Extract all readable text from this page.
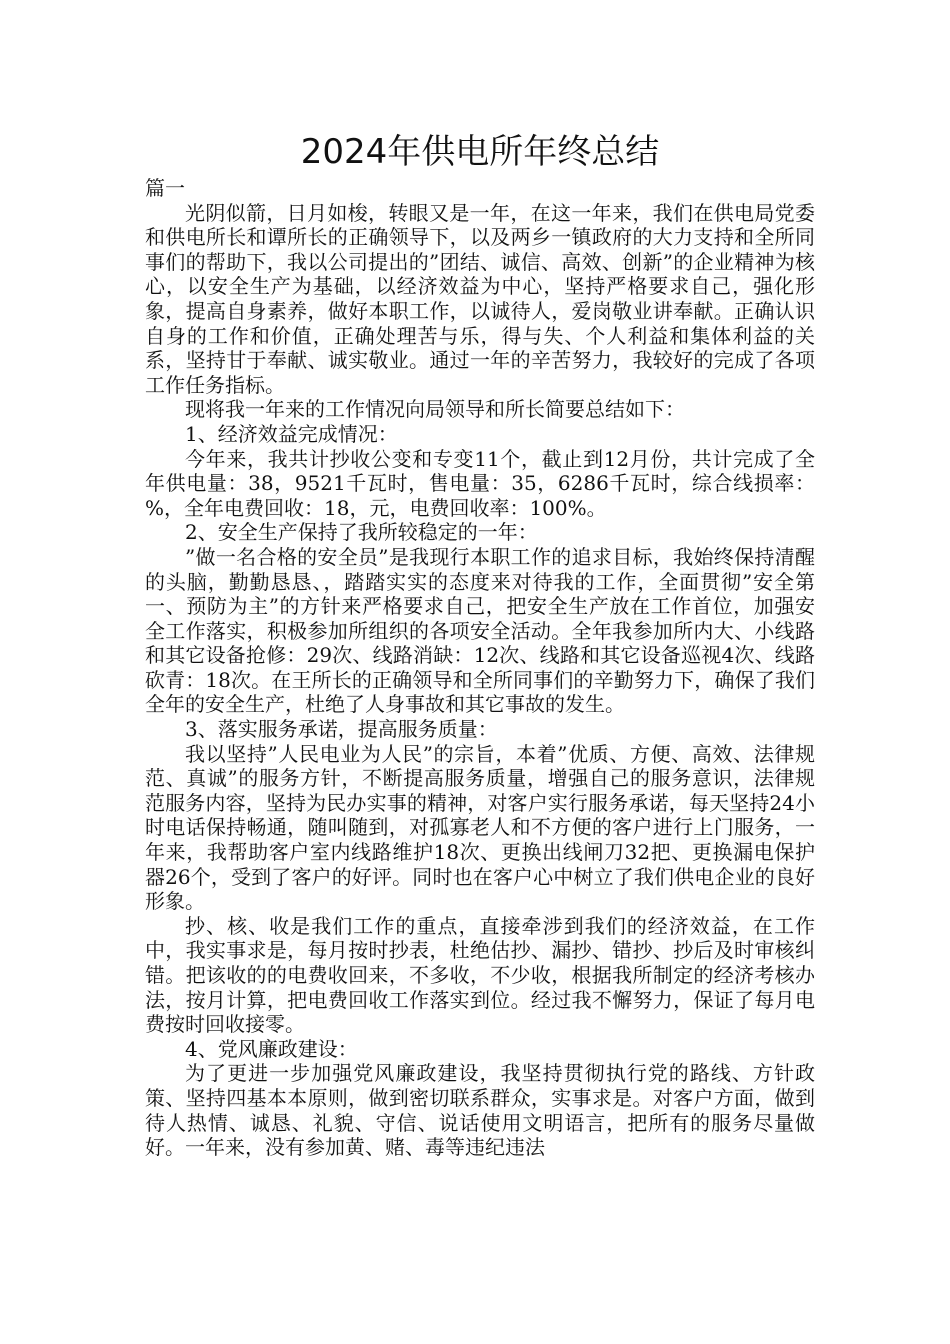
2024年供电所年终总结

篇一

光阴似箭，日月如梭，转眼又是一年，在这一年来，我们在供电局党委和供电所长和谭所长的正确领导下，以及两乡一镇政府的大力支持和全所同事们的帮助下，我以公司提出的”团结、诚信、高效、创新”的企业精神为核心，以安全生产为基础，以经济效益为中心，坚持严格要求自己，强化形象，提高自身素养，做好本职工作，以诚待人，爱岗敬业讲奉献。正确认识自身的工作和价值，正确处理苦与乐，得与失、个人利益和集体利益的关系，坚持甘于奉献、诚实敬业。通过一年的辛苦努力，我较好的完成了各项工作任务指标。

现将我一年来的工作情况向局领导和所长简要总结如下：

1、经济效益完成情况：

今年来，我共计抄收公变和专变11个，截止到12月份，共计完成了全年供电量：38，9521千瓦时，售电量：35，6286千瓦时，综合线损率：%，全年电费回收：18，元，电费回收率：100%。

2、安全生产保持了我所较稳定的一年：

”做一名合格的安全员”是我现行本职工作的追求目标，我始终保持清醒的头脑，勤勤恳恳、，踏踏实实的态度来对待我的工作，全面贯彻”安全第一、预防为主”的方针来严格要求自己，把安全生产放在工作首位，加强安全工作落实，积极参加所组织的各项安全活动。全年我参加所内大、小线路和其它设备抢修：29次、线路消缺：12次、线路和其它设备巡视4次、线路砍青：18次。在王所长的正确领导和全所同事们的辛勤努力下，确保了我们全年的安全生产，杜绝了人身事故和其它事故的发生。

3、落实服务承诺，提高服务质量：

我以坚持”人民电业为人民”的宗旨，本着”优质、方便、高效、法律规范、真诚”的服务方针，不断提高服务质量，增强自己的服务意识，法律规范服务内容，坚持为民办实事的精神，对客户实行服务承诺，每天坚持24小时电话保持畅通，随叫随到，对孤寡老人和不方便的客户进行上门服务，一年来，我帮助客户室内线路维护18次、更换出线闸刀32把、更换漏电保护器26个，受到了客户的好评。同时也在客户心中树立了我们供电企业的良好形象。

抄、核、收是我们工作的重点，直接牵涉到我们的经济效益，在工作中，我实事求是，每月按时抄表，杜绝估抄、漏抄、错抄、抄后及时审核纠错。把该收的的电费收回来，不多收，不少收，根据我所制定的经济考核办法，按月计算，把电费回收工作落实到位。经过我不懈努力，保证了每月电费按时回收接零。

4、党风廉政建设：

为了更进一步加强党风廉政建设，我坚持贯彻执行党的路线、方针政策、坚持四基本本原则，做到密切联系群众，实事求是。对客户方面，做到待人热情、诚恳、礼貌、守信、说话使用文明语言，把所有的服务尽量做好。一年来，没有参加黄、赌、毒等违纪违法
